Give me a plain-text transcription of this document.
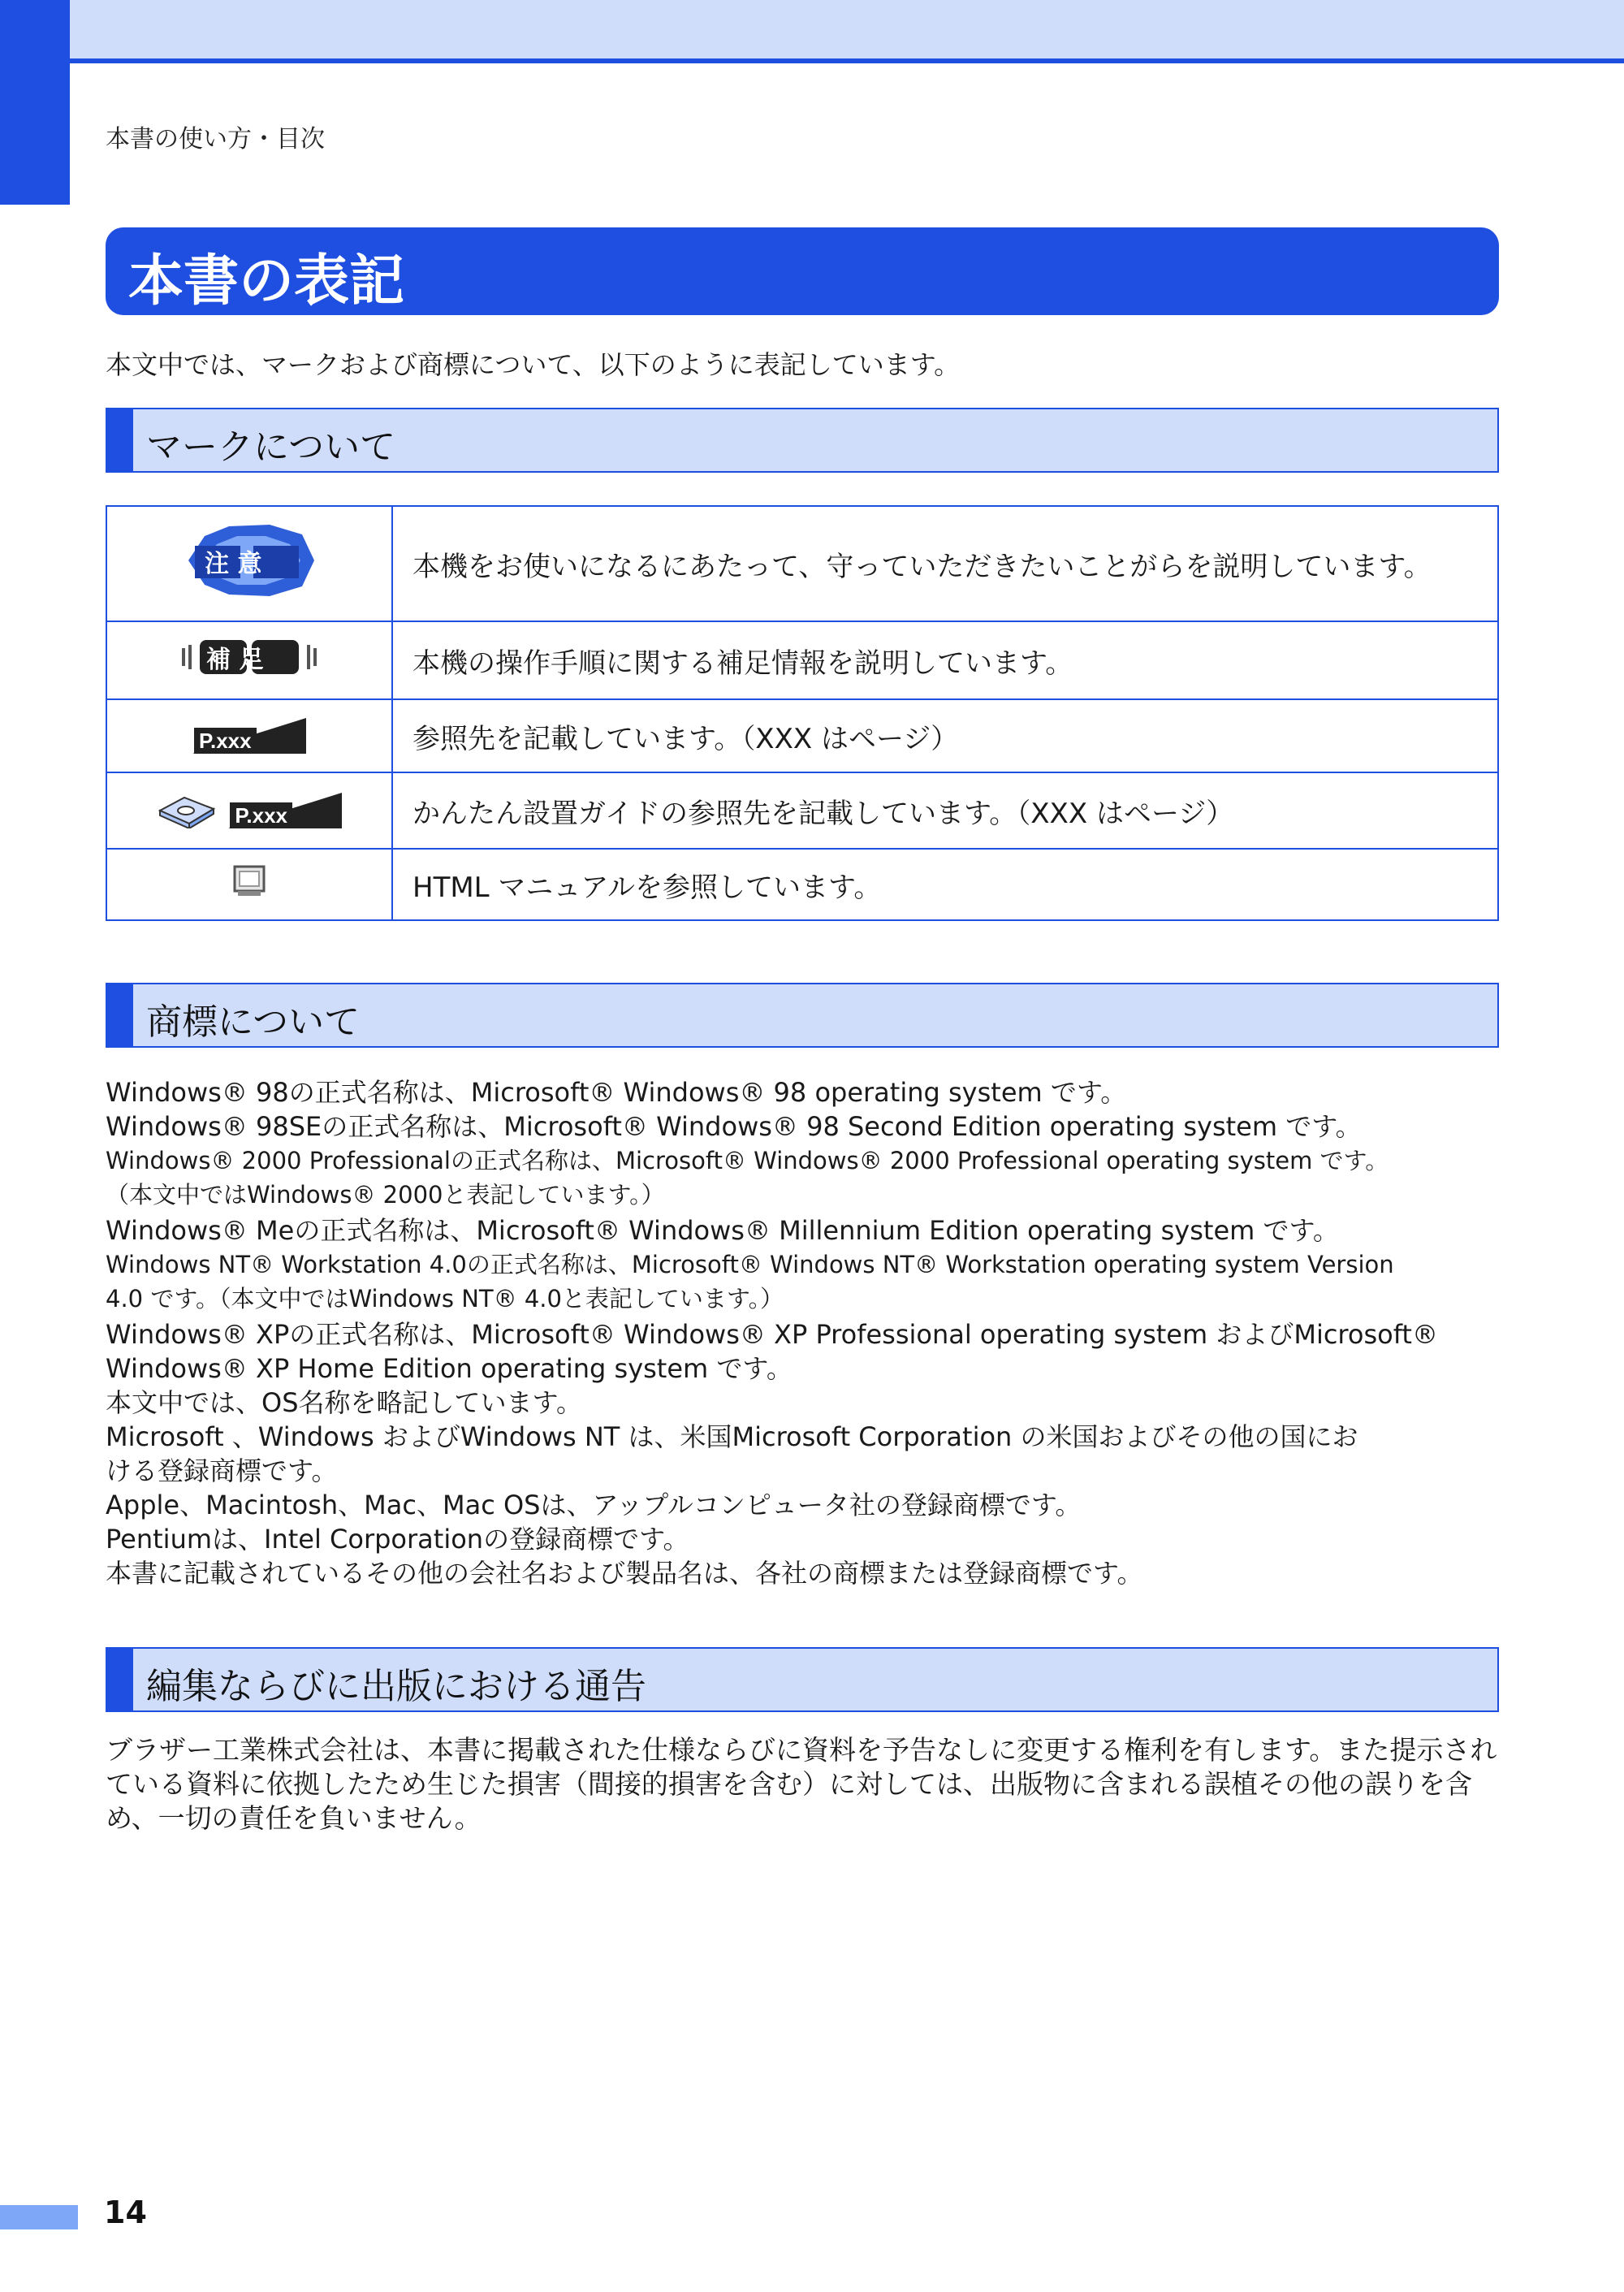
本書の使い方・目次
本書の表記
本文中では、マークおよび商標について、以下のように表記しています。
マークについて
注 意	本機をお使いになるにあたって、守っていただきたいことがらを説明しています。

補 足	本機の操作手順に関する補足情報を説明しています。

P.xxx	参照先を記載しています。（XXX はページ）

P.xxx	かんたん設置ガイドの参照先を記載しています。（XXX はページ）
	HTML マニュアルを参照しています。
商標について
Windows® 98の正式名称は、Microsoft® Windows® 98 operating system です。
Windows® 98SEの正式名称は、Microsoft® Windows® 98 Second Edition operating system です。
Windows® 2000 Professionalの正式名称は、Microsoft® Windows® 2000 Professional operating system です。
（本文中ではWindows® 2000と表記しています。）
Windows® Meの正式名称は、Microsoft® Windows® Millennium Edition operating system です。
Windows NT® Workstation 4.0の正式名称は、Microsoft® Windows NT® Workstation operating system Version
4.0 です。（本文中ではWindows NT® 4.0と表記しています。）
Windows® XPの正式名称は、Microsoft® Windows® XP Professional operating system およびMicrosoft®
Windows® XP Home Edition operating system です。
本文中では、OS名称を略記しています。
Microsoft 、Windows およびWindows NT は、米国Microsoft Corporation の米国およびその他の国にお
ける登録商標です。
Apple、Macintosh、Mac、Mac OSは、アップルコンピュータ社の登録商標です。
Pentiumは、Intel Corporationの登録商標です。
本書に記載されているその他の会社名および製品名は、各社の商標または登録商標です。
編集ならびに出版における通告
ブラザー工業株式会社は、本書に掲載された仕様ならびに資料を予告なしに変更する権利を有します。また提示されている資料に依拠したため生じた損害（間接的損害を含む）に対しては、出版物に含まれる誤植その他の誤りを含め、一切の責任を負いません。
14
